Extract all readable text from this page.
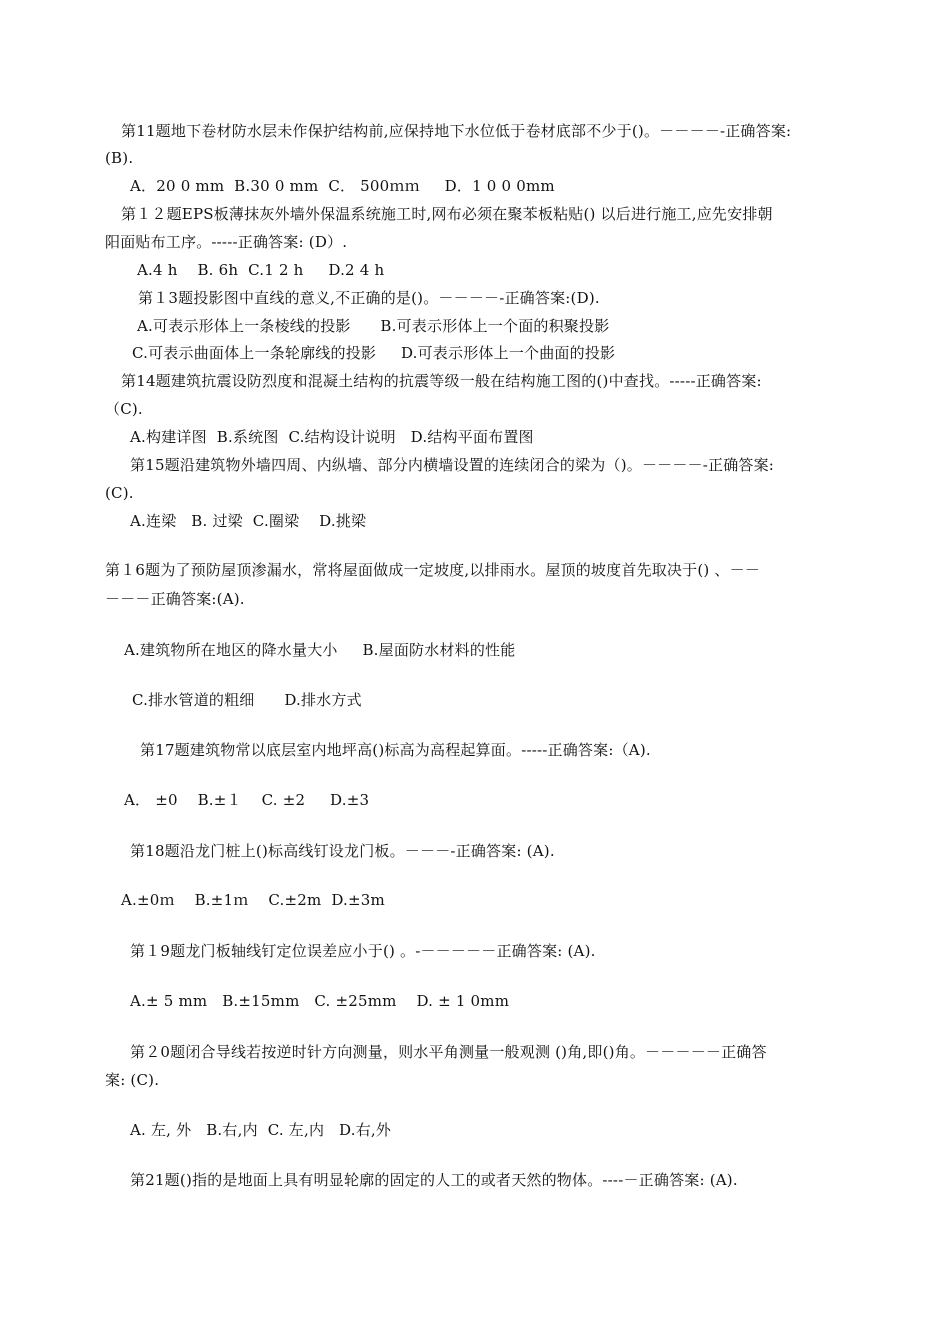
第11题地下卷材防水层未作保护结构前,应保持地下水位低于卷材底部不少于()。－－－－-正确答案:

(B).

A．20 0 mm  B.30 0 mm  C． 500ｍｍ     D．1 0 0 0mm

第１２题EPS板薄抹灰外墙外保温系统施工时,网布必须在聚苯板粘贴() 以后进行施工,应先安排朝

阳面贴布工序。-----正确答案: (D）.

A.4 h    B. 6h  C.1 2 h     D.2 4 h

第１3题投影图中直线的意义,不正确的是()。－－－－-正确答案:(D).

A.可表示形体上一条棱线的投影      B.可表示形体上一个面的积聚投影

C.可表示曲面体上一条轮廓线的投影     D.可表示形体上一个曲面的投影

第14题建筑抗震设防烈度和混凝土结构的抗震等级一般在结构施工图的()中查找。-----正确答案:

（C).

A.构建详图  B.系统图  C.结构设计说明   D.结构平面布置图

第15题沿建筑物外墙四周、内纵墙、部分内横墙设置的连续闭合的梁为（)。－－－－-正确答案:

(C).

A.连梁   B. 过梁  C.圈梁    D.挑梁

第１6题为了预防屋顶渗漏水，常将屋面做成一定坡度,以排雨水。屋顶的坡度首先取决于() 、－－

－－－正确答案:(A).

A.建筑物所在地区的降水量大小     B.屋面防水材料的性能

C.排水管道的粗细      D.排水方式

第17题建筑物常以底层室内地坪高()标高为高程起算面。-----正确答案:（A).

A． ±0    B.±１    C. ±2     D.±3

第18题沿龙门桩上()标高线钉设龙门板。－－－-正确答案: (A).

A.±0ｍ    B.±1ｍ    C.±2m  D.±3m

第１9题龙门板轴线钉定位误差应小于() 。-－－－－－正确答案: (A).

A.± 5 mm   B.±15mm   C. ±25mm    D. ± 1 0mm

第２0题闭合导线若按逆时针方向测量，则水平角测量一般观测 ()角,即()角。－－－－－正确答

案: (C).

A. 左, 外   B.右,内  C. 左,内   D.右,外

第21题()指的是地面上具有明显轮廓的固定的人工的或者天然的物体。----－正确答案: (A).
